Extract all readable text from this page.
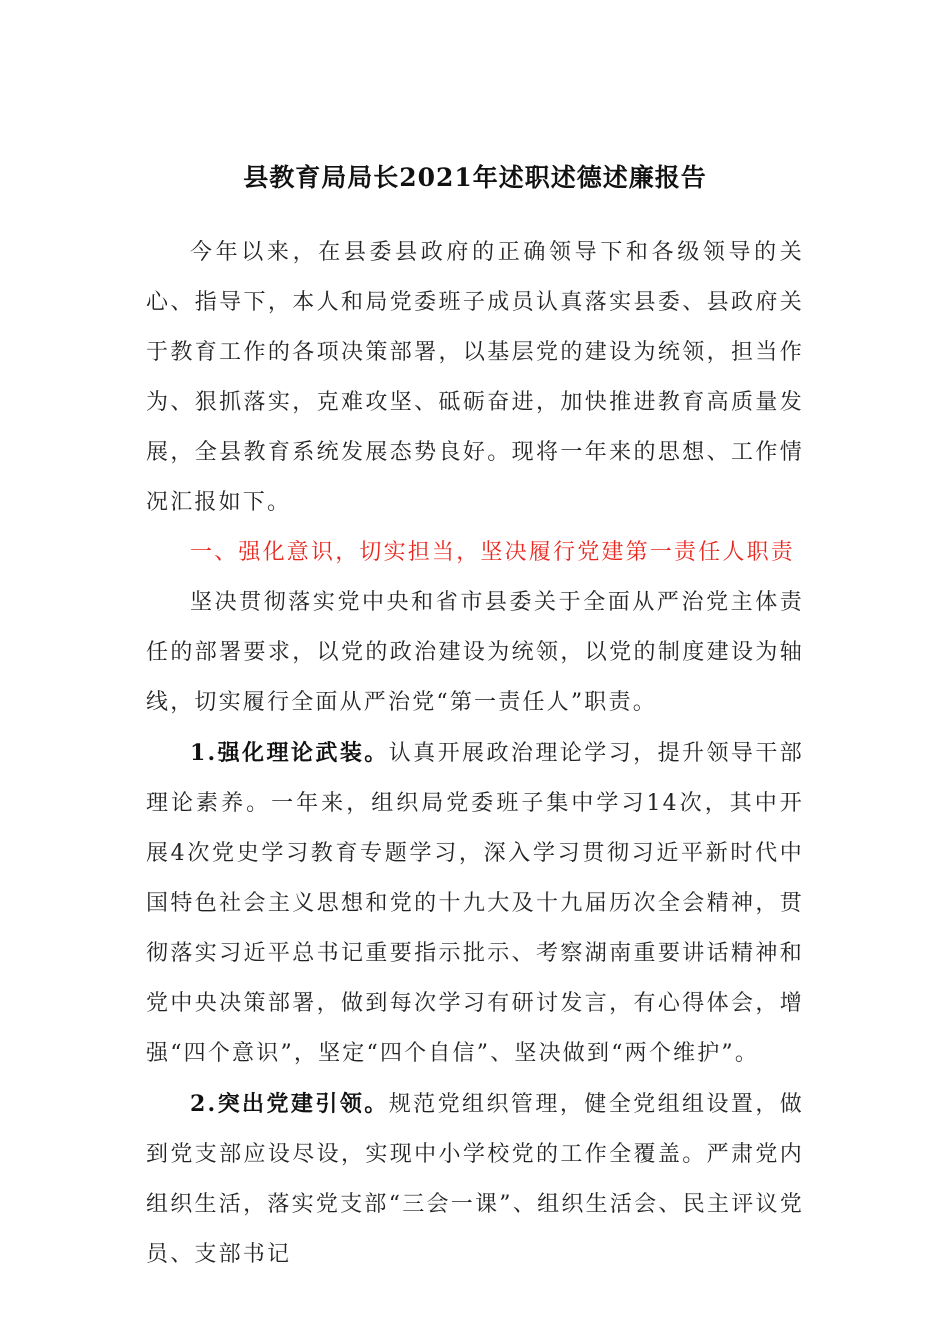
县教育局局长2021年述职述德述廉报告

今年以来，在县委县政府的正确领导下和各级领导的关心、指导下，本人和局党委班子成员认真落实县委、县政府关于教育工作的各项决策部署，以基层党的建设为统领，担当作为、狠抓落实，克难攻坚、砥砺奋进，加快推进教育高质量发展，全县教育系统发展态势良好。现将一年来的思想、工作情况汇报如下。

一、强化意识，切实担当，坚决履行党建第一责任人职责

坚决贯彻落实党中央和省市县委关于全面从严治党主体责任的部署要求，以党的政治建设为统领，以党的制度建设为轴线，切实履行全面从严治党“第一责任人”职责。

1.强化理论武装。认真开展政治理论学习，提升领导干部理论素养。一年来，组织局党委班子集中学习14次，其中开展4次党史学习教育专题学习，深入学习贯彻习近平新时代中国特色社会主义思想和党的十九大及十九届历次全会精神，贯彻落实习近平总书记重要指示批示、考察湖南重要讲话精神和党中央决策部署，做到每次学习有研讨发言，有心得体会，增强“四个意识”，坚定“四个自信”、坚决做到“两个维护”。

2.突出党建引领。规范党组织管理，健全党组组设置，做到党支部应设尽设，实现中小学校党的工作全覆盖。严肃党内组织生活，落实党支部“三会一课”、组织生活会、民主评议党员、支部书记
